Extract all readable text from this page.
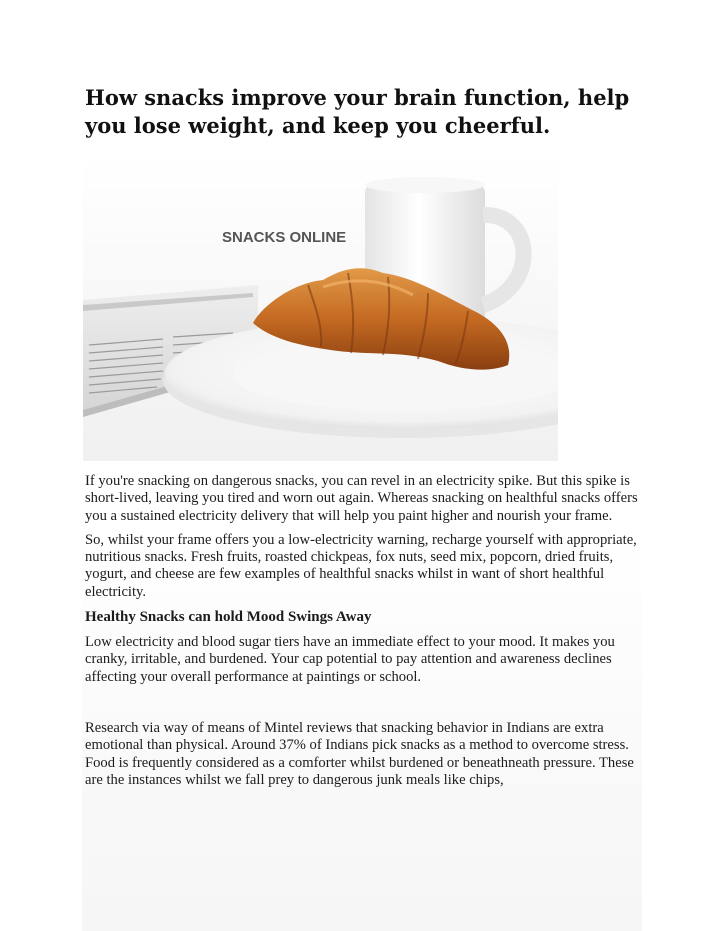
How snacks improve your brain function, help you lose weight, and keep you cheerful.
SNACKS ONLINE

If you're snacking on dangerous snacks, you can revel in an electricity spike. But this spike is short-lived, leaving you tired and worn out again. Whereas snacking on healthful snacks offers you a sustained electricity delivery that will help you paint higher and nourish your frame.

So, whilst your frame offers you a low-electricity warning, recharge yourself with appropriate, nutritious snacks. Fresh fruits, roasted chickpeas, fox nuts, seed mix, popcorn, dried fruits, yogurt, and cheese are few examples of healthful snacks whilst in want of short healthful electricity.

Healthy Snacks can hold Mood Swings Away

Low electricity and blood sugar tiers have an immediate effect to your mood. It makes you cranky, irritable, and burdened. Your cap potential to pay attention and awareness declines affecting your overall performance at paintings or school.

Research via way of means of Mintel reviews that snacking behavior in Indians are extra emotional than physical. Around 37% of Indians pick snacks as a method to overcome stress. Food is frequently considered as a comforter whilst burdened or beneathneath pressure. These are the instances whilst we fall prey to dangerous junk meals like chips,
